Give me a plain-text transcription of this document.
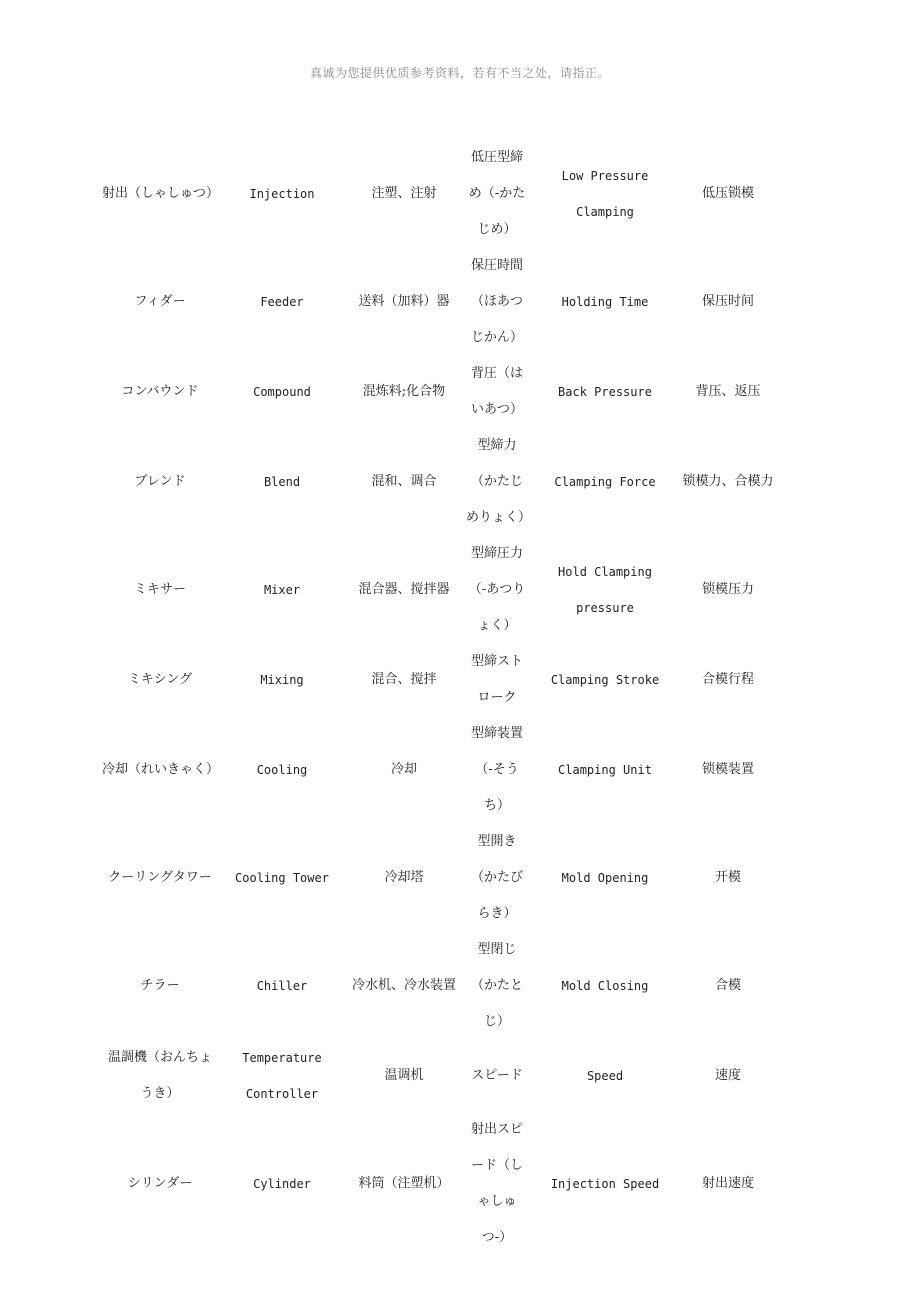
真诚为您提供优质参考资料，若有不当之处，请指正。
射出（しゃしゅつ）	Injection	注塑、注射	低圧型締め（-かたじめ）	Low Pressure Clamping	低压锁模
フィダー	Feeder	送料（加料）器	保圧時間（ほあつじかん）	Holding Time	保压时间
コンバウンド	Compound	混炼料;化合物	背圧（はいあつ）	Back Pressure	背压、返压
ブレンド	Blend	混和、调合	型締力（かたじめりょく）	Clamping Force	锁模力、合模力
ミキサー	Mixer	混合器、搅拌器	型締圧力（-あつりょく）	Hold Clamping pressure	锁模压力
ミキシング	Mixing	混合、搅拌	型締ストローク	Clamping Stroke	合模行程
冷却（れいきゃく）	Cooling	冷却	型締装置（-そうち）	Clamping Unit	锁模装置
クーリングタワー	Cooling Tower	冷却塔	型開き（かたびらき）	Mold Opening	开模
チラー	Chiller	冷水机、冷水装置	型閉じ（かたとじ）	Mold Closing	合模
温調機（おんちょうき）	Temperature Controller	温调机	スピード	Speed	速度
シリンダー	Cylinder	料筒（注塑机）	射出スピード（しゃしゅつ-）	Injection Speed	射出速度
